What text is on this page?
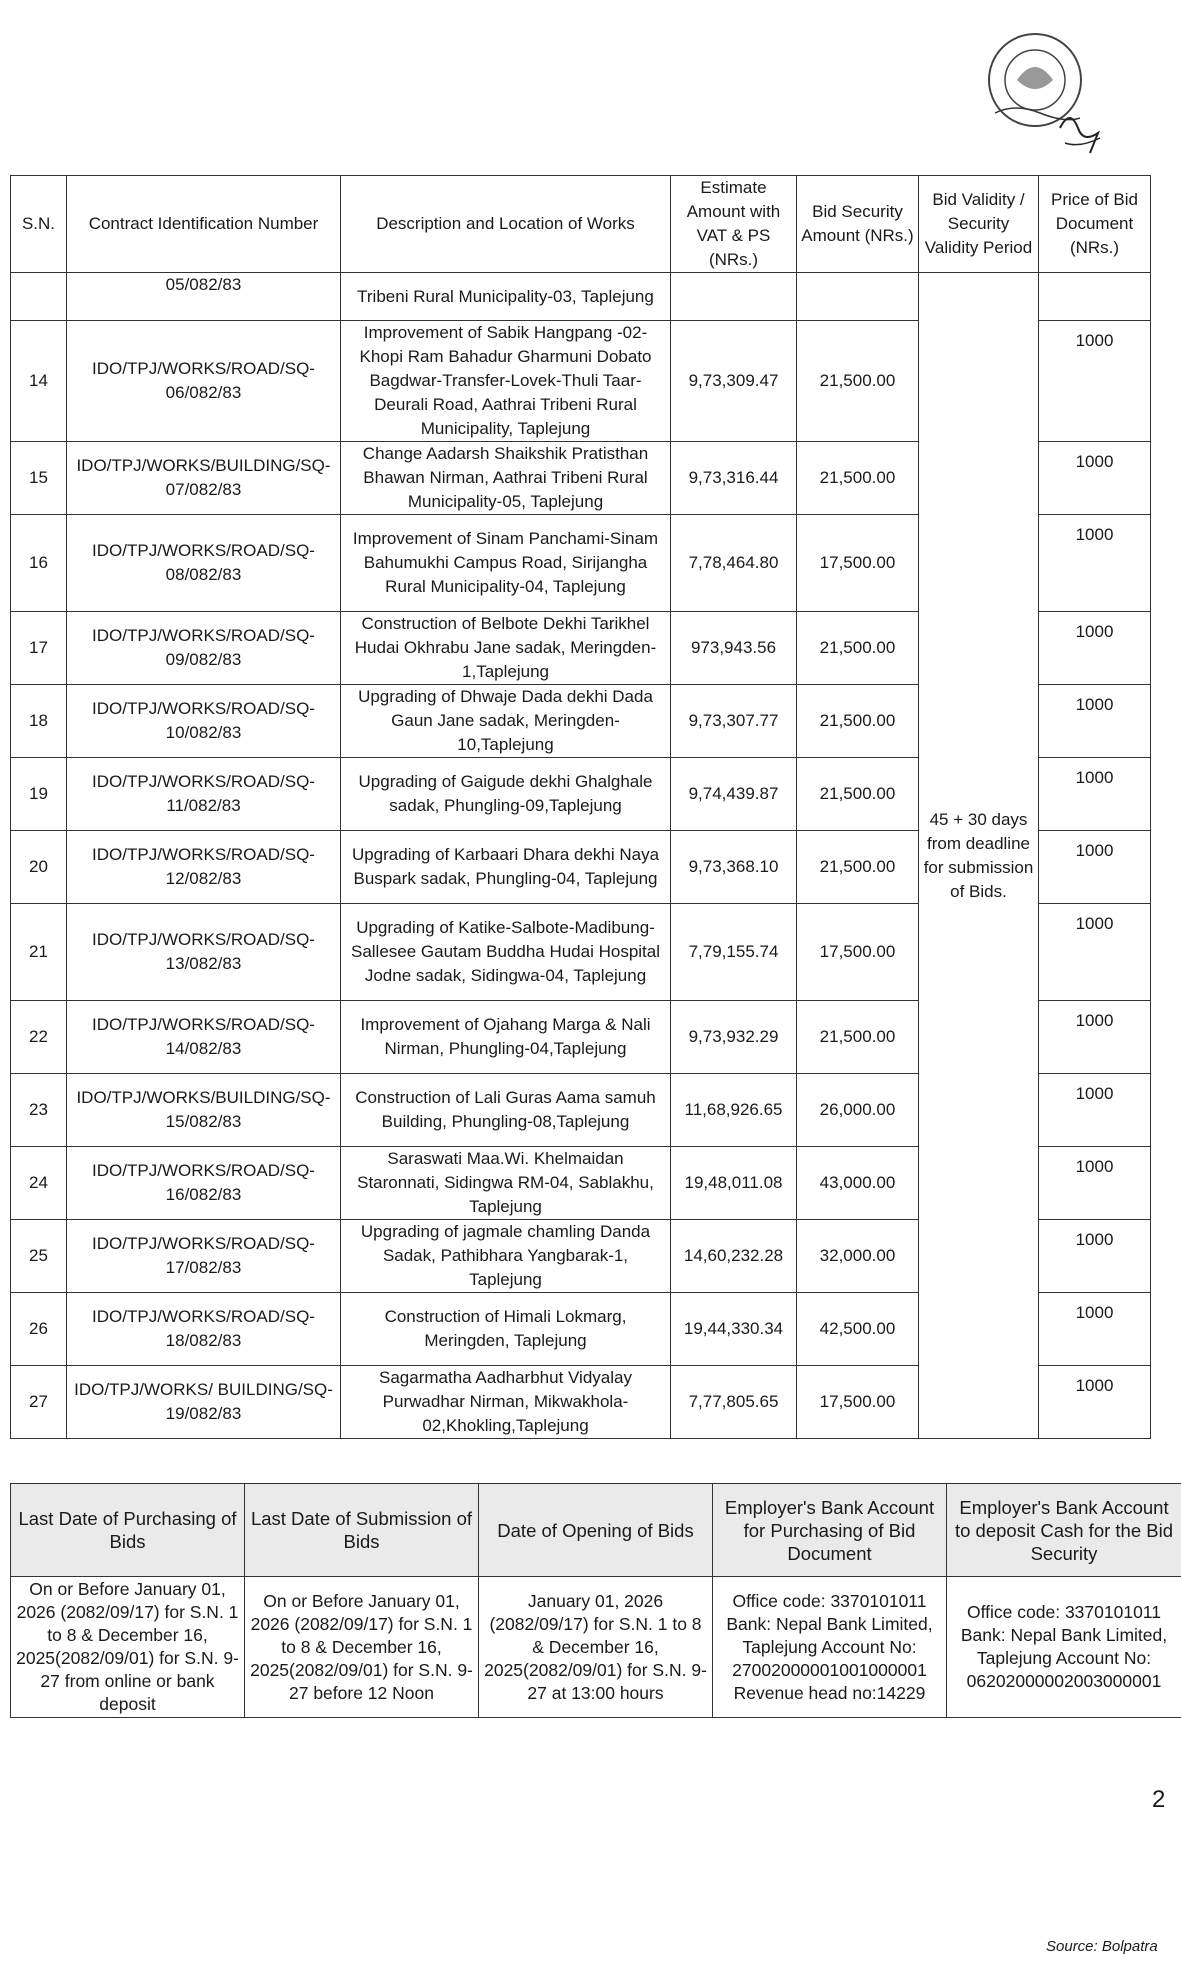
S.N.	Contract Identification Number	Description and Location of Works	Estimate Amount with VAT & PS (NRs.)	Bid Security Amount (NRs.)	Bid Validity / Security Validity Period	Price of Bid Document (NRs.)
	05/082/83	Tribeni Rural Municipality-03, Taplejung			45 + 30 days from deadline for submission of Bids.	
14	IDO/TPJ/WORKS/ROAD/SQ-06/082/83	Improvement of Sabik Hangpang -02-Khopi Ram Bahadur Gharmuni Dobato Bagdwar-Transfer-Lovek-Thuli Taar-Deurali Road, Aathrai Tribeni Rural Municipality, Taplejung	9,73,309.47	21,500.00		1000
15	IDO/TPJ/WORKS/BUILDING/SQ-07/082/83	Change Aadarsh Shaikshik Pratisthan Bhawan Nirman, Aathrai Tribeni Rural Municipality-05, Taplejung	9,73,316.44	21,500.00		1000
16	IDO/TPJ/WORKS/ROAD/SQ-08/082/83	Improvement of Sinam Panchami-Sinam Bahumukhi Campus Road, Sirijangha Rural Municipality-04, Taplejung	7,78,464.80	17,500.00		1000
17	IDO/TPJ/WORKS/ROAD/SQ-09/082/83	Construction of Belbote Dekhi Tarikhel Hudai Okhrabu Jane sadak, Meringden-1,Taplejung	973,943.56	21,500.00		1000
18	IDO/TPJ/WORKS/ROAD/SQ-10/082/83	Upgrading of Dhwaje Dada dekhi Dada Gaun Jane sadak, Meringden-10,Taplejung	9,73,307.77	21,500.00		1000
19	IDO/TPJ/WORKS/ROAD/SQ-11/082/83	Upgrading of Gaigude dekhi Ghalghale sadak, Phungling-09,Taplejung	9,74,439.87	21,500.00		1000
20	IDO/TPJ/WORKS/ROAD/SQ-12/082/83	Upgrading of Karbaari Dhara dekhi Naya Buspark sadak, Phungling-04, Taplejung	9,73,368.10	21,500.00		1000
21	IDO/TPJ/WORKS/ROAD/SQ-13/082/83	Upgrading of Katike-Salbote-Madibung-Sallesee Gautam Buddha Hudai Hospital Jodne sadak, Sidingwa-04, Taplejung	7,79,155.74	17,500.00		1000
22	IDO/TPJ/WORKS/ROAD/SQ-14/082/83	Improvement of Ojahang Marga & Nali Nirman, Phungling-04,Taplejung	9,73,932.29	21,500.00		1000
23	IDO/TPJ/WORKS/BUILDING/SQ-15/082/83	Construction of Lali Guras Aama samuh Building, Phungling-08,Taplejung	11,68,926.65	26,000.00		1000
24	IDO/TPJ/WORKS/ROAD/SQ-16/082/83	Saraswati Maa.Wi. Khelmaidan Staronnati, Sidingwa RM-04, Sablakhu, Taplejung	19,48,011.08	43,000.00		1000
25	IDO/TPJ/WORKS/ROAD/SQ-17/082/83	Upgrading of jagmale chamling Danda Sadak, Pathibhara Yangbarak-1, Taplejung	14,60,232.28	32,000.00		1000
26	IDO/TPJ/WORKS/ROAD/SQ-18/082/83	Construction of Himali Lokmarg, Meringden, Taplejung	19,44,330.34	42,500.00		1000
27	IDO/TPJ/WORKS/ BUILDING/SQ-19/082/83	Sagarmatha Aadharbhut Vidyalay Purwadhar Nirman, Mikwakhola-02,Khokling,Taplejung	7,77,805.65	17,500.00		1000
Last Date of Purchasing of Bids	Last Date of Submission of Bids	Date of Opening of Bids	Employer's Bank Account for Purchasing of Bid Document	Employer's Bank Account to deposit Cash for the Bid Security
On or Before January 01, 2026 (2082/09/17) for S.N. 1 to 8 & December 16, 2025(2082/09/01) for S.N. 9-27 from online or bank deposit	On or Before January 01, 2026 (2082/09/17) for S.N. 1 to 8 & December 16, 2025(2082/09/01) for S.N. 9-27 before 12 Noon	January 01, 2026 (2082/09/17) for S.N. 1 to 8 & December 16, 2025(2082/09/01) for S.N. 9-27 at 13:00 hours	Office code: 3370101011 Bank: Nepal Bank Limited, Taplejung Account No: 27002000001001000001 Revenue head no:14229	Office code: 3370101011 Bank: Nepal Bank Limited, Taplejung Account No: 06202000002003000001
2
Source: Bolpatra
